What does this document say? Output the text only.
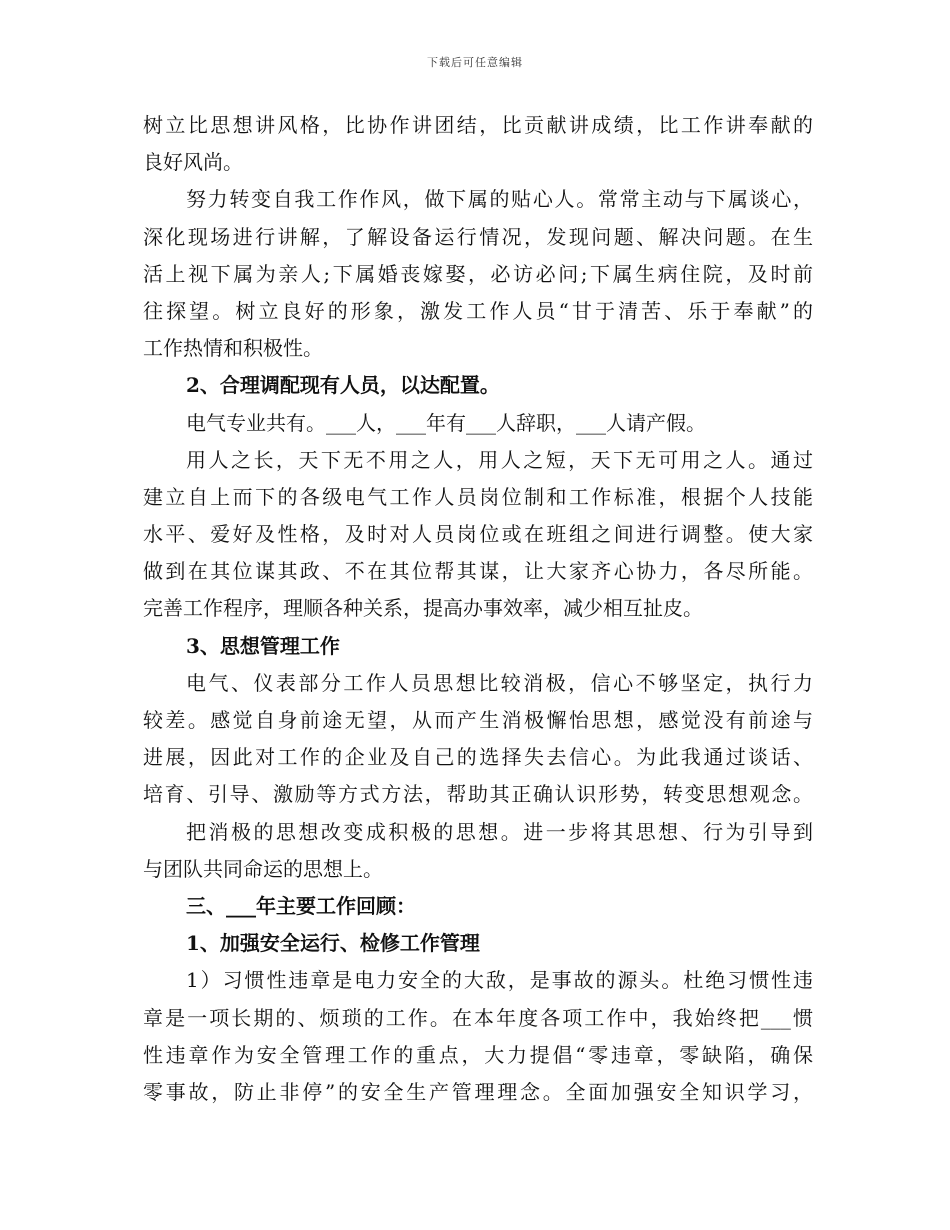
下载后可任意编辑
树立比思想讲风格，比协作讲团结，比贡献讲成绩，比工作讲奉献的
良好风尚。
努力转变自我工作作风，做下属的贴心人。常常主动与下属谈心，
深化现场进行讲解，了解设备运行情况，发现问题、解决问题。在生
活上视下属为亲人;下属婚丧嫁娶，必访必问;下属生病住院，及时前
往探望。树立良好的形象，激发工作人员“甘于清苦、乐于奉献”的
工作热情和积极性。
2、合理调配现有人员，以达配置。
电气专业共有。___人，___年有___人辞职，___人请产假。
用人之长，天下无不用之人，用人之短，天下无可用之人。通过
建立自上而下的各级电气工作人员岗位制和工作标准，根据个人技能
水平、爱好及性格，及时对人员岗位或在班组之间进行调整。使大家
做到在其位谋其政、不在其位帮其谋，让大家齐心协力，各尽所能。
完善工作程序，理顺各种关系，提高办事效率，减少相互扯皮。
3、思想管理工作
电气、仪表部分工作人员思想比较消极，信心不够坚定，执行力
较差。感觉自身前途无望，从而产生消极懈怡思想，感觉没有前途与
进展，因此对工作的企业及自己的选择失去信心。为此我通过谈话、
培育、引导、激励等方式方法，帮助其正确认识形势，转变思想观念。
把消极的思想改变成积极的思想。进一步将其思想、行为引导到
与团队共同命运的思想上。
三、___年主要工作回顾：
1、加强安全运行、检修工作管理
1）习惯性违章是电力安全的大敌，是事故的源头。杜绝习惯性违
章是一项长期的、烦琐的工作。在本年度各项工作中，我始终把___惯
性违章作为安全管理工作的重点，大力提倡“零违章，零缺陷，确保
零事故，防止非停”的安全生产管理理念。全面加强安全知识学习，
